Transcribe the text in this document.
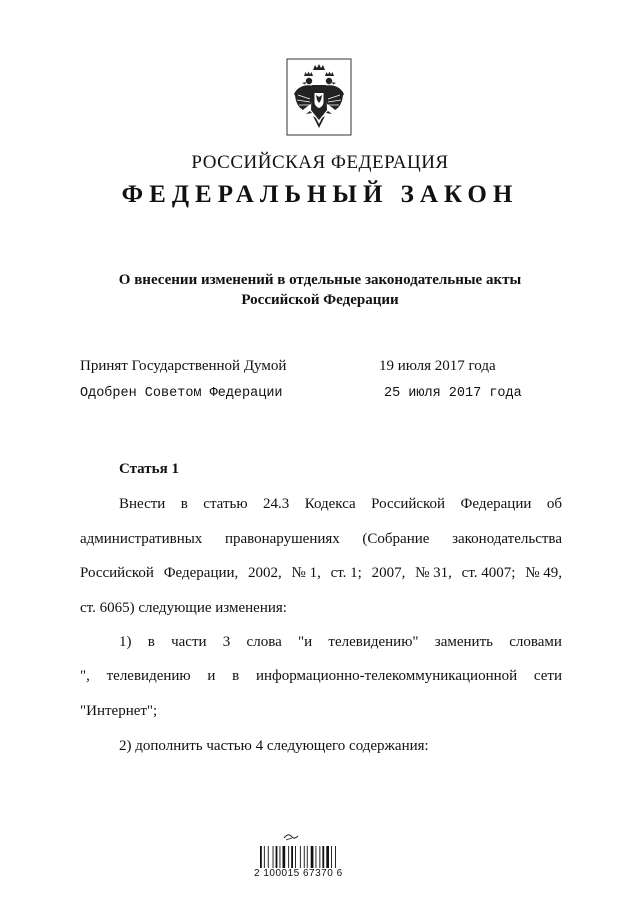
РОССИЙСКАЯ ФЕДЕРАЦИЯ
ФЕДЕРАЛЬНЫЙ ЗАКОН
О внесении изменений в отдельные законодательные акты
Российской Федерации
Принят Государственной Думой	19 июля 2017 года
Одобрен Советом Федерации	25 июля 2017 года
Статья 1
Внести в статью 24.3 Кодекса Российской Федерации об
административных правонарушениях (Собрание законодательства
Российской Федерации, 2002, № 1, ст. 1; 2007, № 31, ст. 4007; № 49,
ст. 6065) следующие изменения:
1) в части 3 слова "и телевидению" заменить словами
", телевидению и в информационно-телекоммуникационной сети
"Интернет";
2) дополнить частью 4 следующего содержания:
2 100015 67370 6
